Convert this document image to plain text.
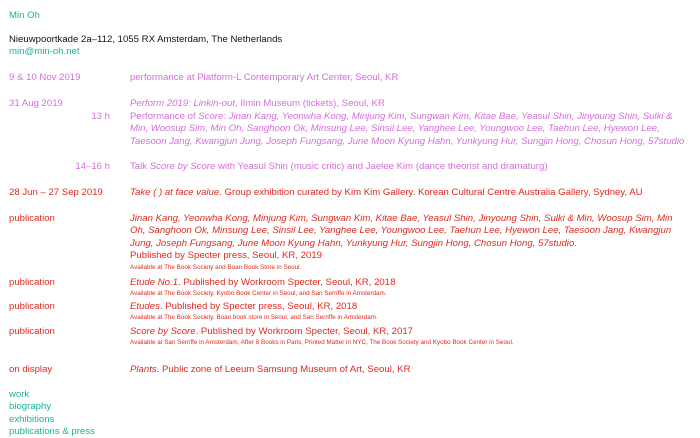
Min Oh
Nieuwpoortkade 2a–112, 1055 RX Amsterdam, The Netherlands
min@min-oh.net
9 & 10 Nov 2019	performance at Platform-L Contemporary Art Center, Seoul, KR
31 Aug 2019	Perform 2019: Linkin-out, Ilmin Museum (tickets), Seoul, KR
13 h Performance of Score: Jinan Kang, Yeonwha Kong, Minjung Kim, Sungwan Kim, Kitae Bae, Yeasul Shin, Jinyoung Shin, Sulki & Min, Woosup Sim, Min Oh, Sanghoon Ok, Minsung Lee, Sinsil Lee, Yanghee Lee, Youngwoo Lee, Taehun Lee, Hyewon Lee, Taesoon Jang, Kwangjun Jung, Joseph Fungsang, June Moon Kyung Hahn, Yunkyung Hur, Sungjin Hong, Chosun Hong, 57studio
14–16 h Talk Score by Score with Yeasul Shin (music critic) and Jaelee Kim (dance theorist and dramaturg)
28 Jun – 27 Sep 2019	Take ( ) at face value. Group exhibition curated by Kim Kim Gallery. Korean Cultural Centre Australia Gallery, Sydney, AU
publication	Jinan Kang, Yeonwha Kong, Minjung Kim, Sungwan Kim, Kitae Bae, Yeasul Shin, Jinyoung Shin, Sulki & Min, Woosup Sim, Min Oh, Sanghoon Ok, Minsung Lee, Sinsil Lee, Yanghee Lee, Youngwoo Lee, Taehun Lee, Hyewon Lee, Taesoon Jang, Kwangjun Jung, Joseph Fungsang, June Moon Kyung Hahn, Yunkyung Hur, Sungjin Hong, Chosun Hong, 57studio.
Published by Specter press, Seoul, KR, 2019
Available at The Book Society and Boan Book Store in Seoul.
publication	Etude No.1. Published by Workroom Specter, Seoul, KR, 2018
Available at The Book Society, Kyobo Book Center in Seoul, and San Serriffe in Amsterdam.
publication	Etudes. Published by Specter press, Seoul, KR, 2018
Available at The Book Society, Boan book store in Seoul, and San Serriffe in Amsterdam.
publication	Score by Score. Published by Workroom Specter, Seoul, KR, 2017
Available at San Serriffe in Amsterdam, After 8 Books in Paris, Printed Matter in NYC, The Book Society and Kyobo Book Center in Seoul.
on display	Plants. Public zone of Leeum Samsung Museum of Art, Seoul, KR
work
biography
exhibitions
publications & press
